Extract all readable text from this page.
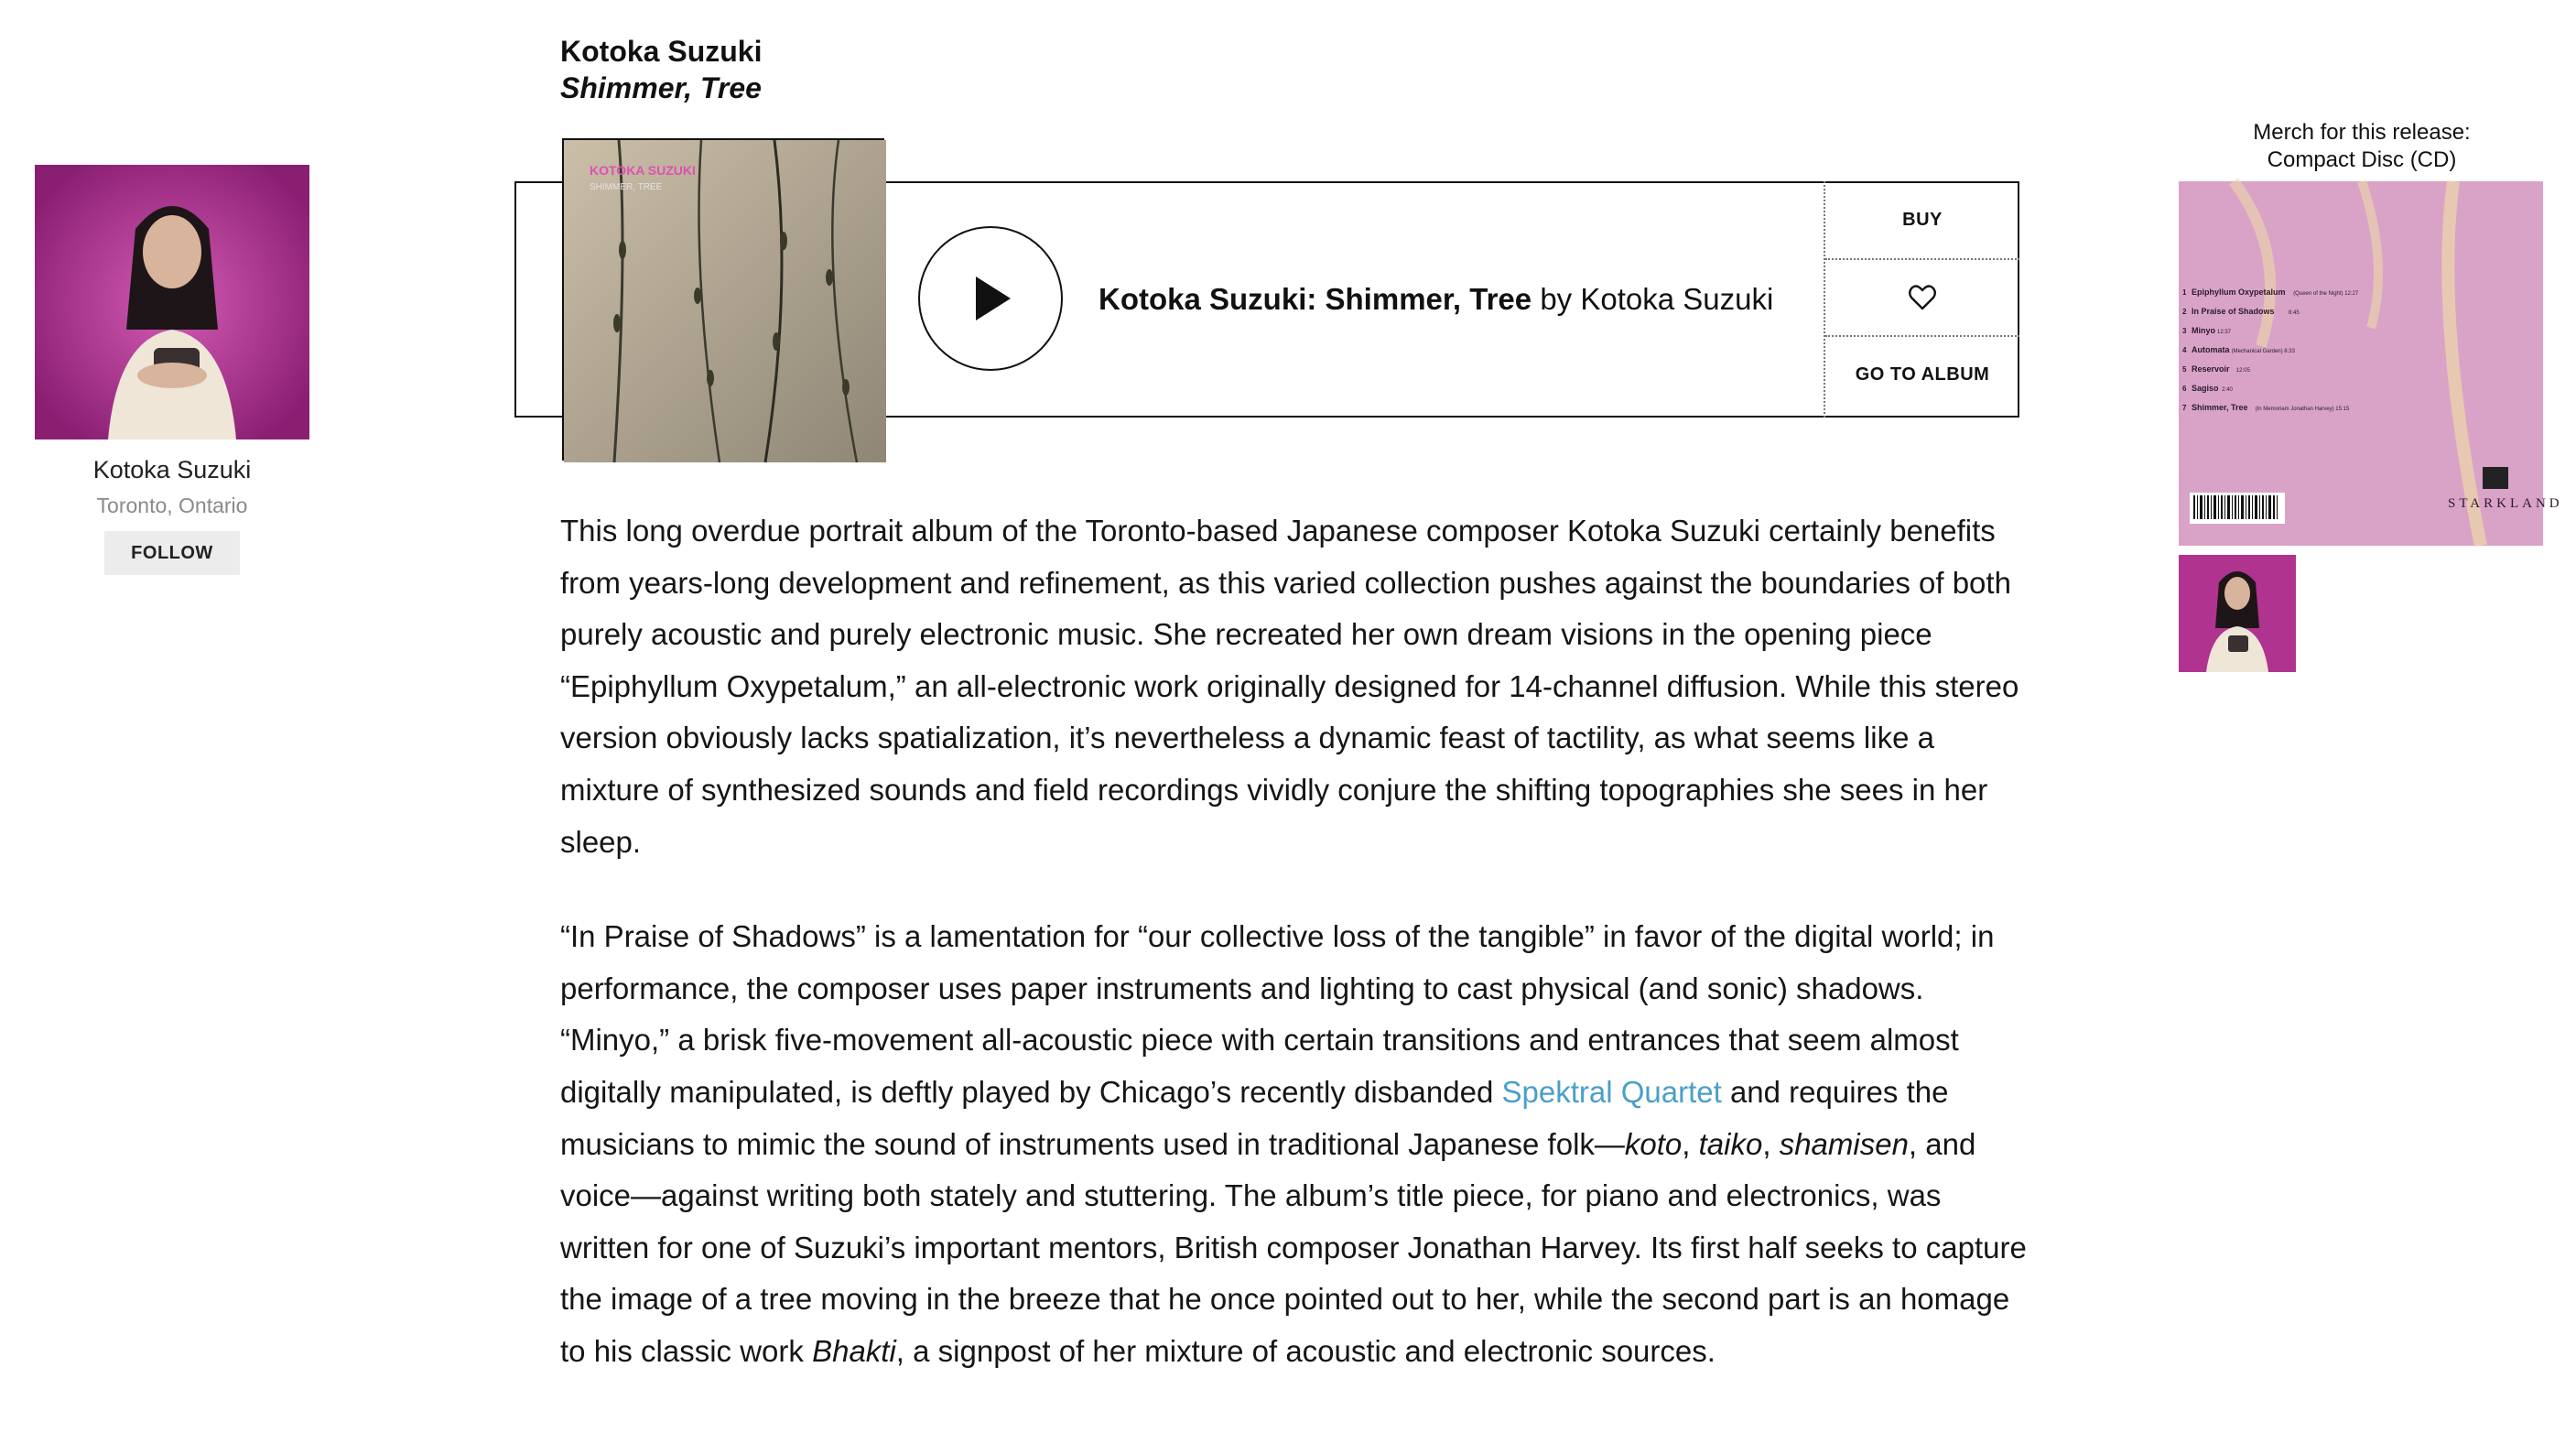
Kotoka Suzuki
Toronto, Ontario
FOLLOW
Kotoka Suzuki
Shimmer, Tree
KOTOKA SUZUKI
SHIMMER, TREE
Kotoka Suzuki: Shimmer, Tree by Kotoka Suzuki
BUY
GO TO ALBUM

This long overdue portrait album of the Toronto-based Japanese composer Kotoka Suzuki certainly benefits from years-long development and refinement, as this varied collection pushes against the boundaries of both purely acoustic and purely electronic music. She recreated her own dream visions in the opening piece “Epiphyllum Oxypetalum,” an all-electronic work originally designed for 14-channel diffusion. While this stereo version obviously lacks spatialization, it’s nevertheless a dynamic feast of tactility, as what seems like a mixture of synthesized sounds and field recordings vividly conjure the shifting topographies she sees in her sleep.

“In Praise of Shadows” is a lamentation for “our collective loss of the tangible” in favor of the digital world; in performance, the composer uses paper instruments and lighting to cast physical (and sonic) shadows. “Minyo,” a brisk five-movement all-acoustic piece with certain transitions and entrances that seem almost digitally manipulated, is deftly played by Chicago’s recently disbanded Spektral Quartet and requires the musicians to mimic the sound of instruments used in traditional Japanese folk—koto, taiko, shamisen, and voice—against writing both stately and stuttering. The album’s title piece, for piano and electronics, was written for one of Suzuki’s important mentors, British composer Jonathan Harvey. Its first half seeks to capture the image of a tree moving in the breeze that he once pointed out to her, while the second part is an homage to his classic work Bhakti, a signpost of her mixture of acoustic and electronic sources.

Merch for this release:
Compact Disc (CD)
1 Epiphyllum Oxypetalum (Queen of the Night) 12:27
2 In Praise of Shadows	8:45
3 Minyo 12:37
4 Automata (Mechanical Garden) 8:33
5 Reservoir 12:05
6 Sagiso 2:40
7 Shimmer, Tree (In Memoriam Jonathan Harvey) 15:15
STARKLAND
